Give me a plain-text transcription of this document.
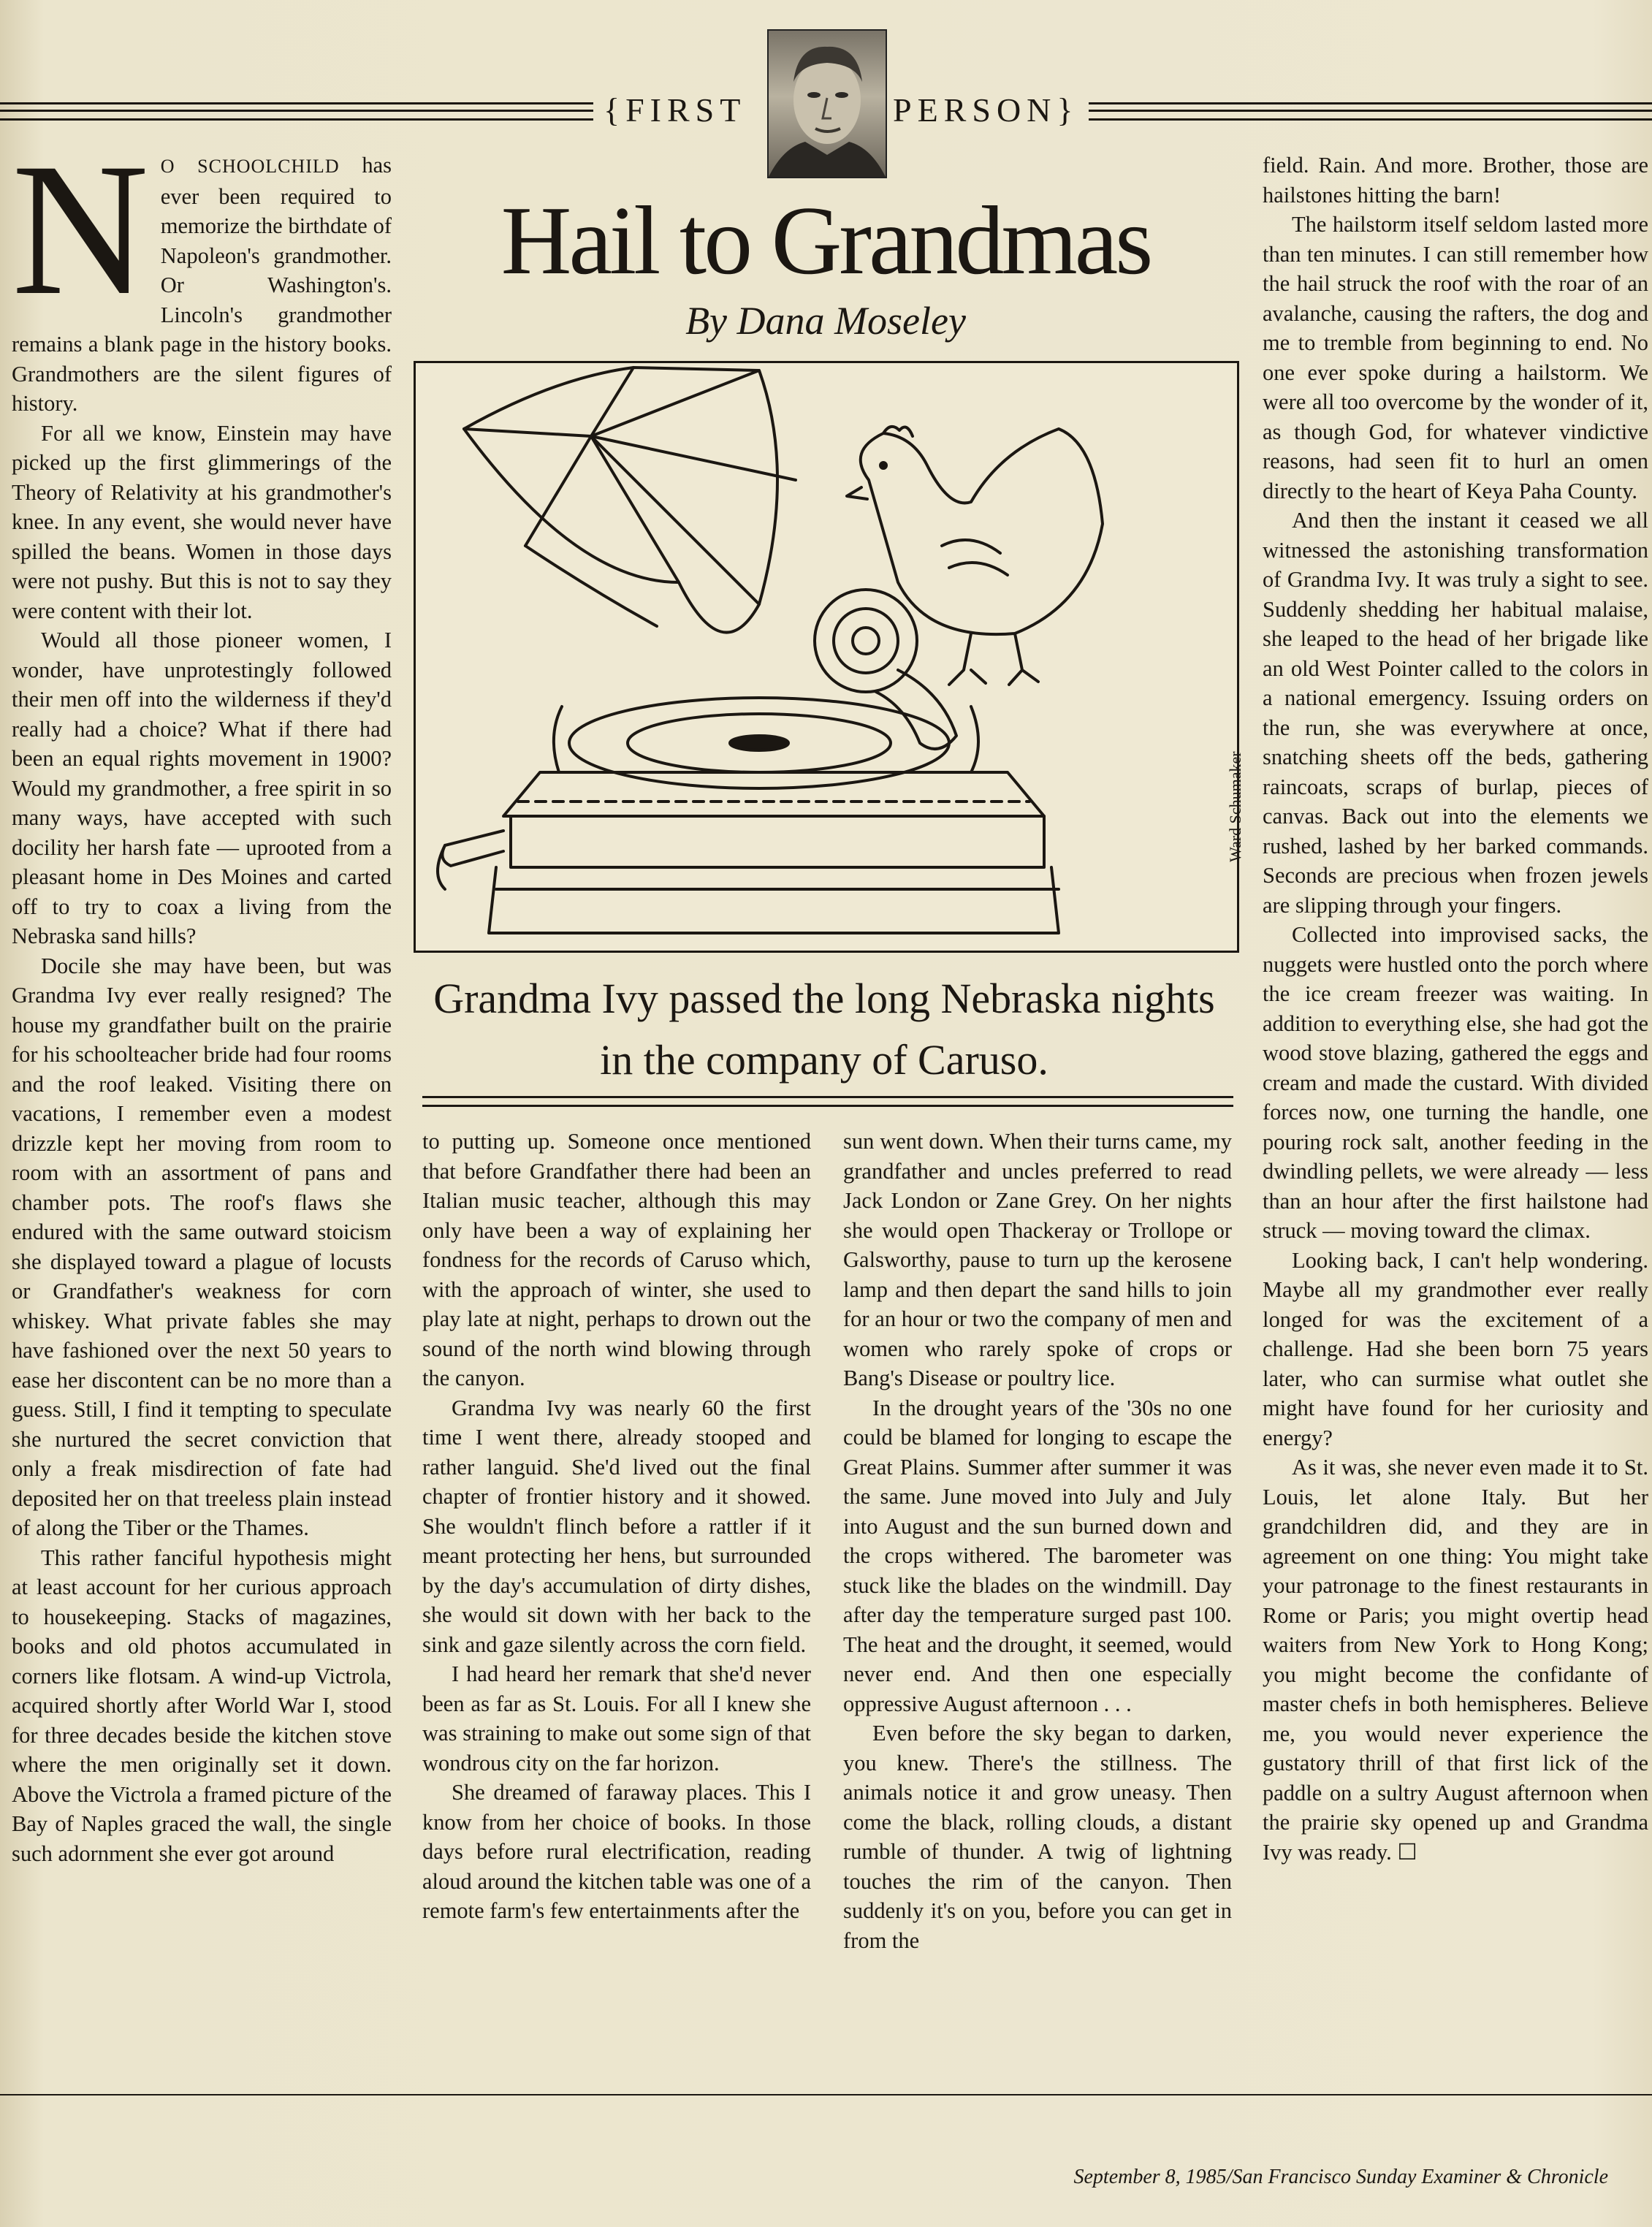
{FIRST	PERSON}
Hail to Grandmas
By Dana Moseley
Ward Schumaker
Grandma Ivy passed the long Nebraska nights in the company of Caruso.

N O SCHOOLCHILD has ever been required to memorize the birthdate of Napoleon's grandmother. Or Washington's. Lincoln's grandmother remains a blank page in the history books. Grandmothers are the silent figures of history.

For all we know, Einstein may have picked up the first glimmerings of the Theory of Relativity at his grandmother's knee. In any event, she would never have spilled the beans. Women in those days were not pushy. But this is not to say they were content with their lot.

Would all those pioneer women, I wonder, have unprotestingly followed their men off into the wilderness if they'd really had a choice? What if there had been an equal rights movement in 1900? Would my grandmother, a free spirit in so many ways, have accepted with such docility her harsh fate — uprooted from a pleasant home in Des Moines and carted off to try to coax a living from the Nebraska sand hills?

Docile she may have been, but was Grandma Ivy ever really resigned? The house my grandfather built on the prairie for his schoolteacher bride had four rooms and the roof leaked. Visiting there on vacations, I remember even a modest drizzle kept her moving from room to room with an assortment of pans and chamber pots. The roof's flaws she endured with the same outward stoicism she displayed toward a plague of locusts or Grandfather's weakness for corn whiskey. What private fables she may have fashioned over the next 50 years to ease her discontent can be no more than a guess. Still, I find it tempting to speculate she nurtured the secret conviction that only a freak misdirection of fate had deposited her on that treeless plain instead of along the Tiber or the Thames.

This rather fanciful hypothesis might at least account for her curious approach to housekeeping. Stacks of magazines, books and old photos accumulated in corners like flotsam. A wind-up Victrola, acquired shortly after World War I, stood for three decades beside the kitchen stove where the men originally set it down. Above the Victrola a framed picture of the Bay of Naples graced the wall, the single such adornment she ever got around

to putting up. Someone once mentioned that before Grandfather there had been an Italian music teacher, although this may only have been a way of explaining her fondness for the records of Caruso which, with the approach of winter, she used to play late at night, perhaps to drown out the sound of the north wind blowing through the canyon.

Grandma Ivy was nearly 60 the first time I went there, already stooped and rather languid. She'd lived out the final chapter of frontier history and it showed. She wouldn't flinch before a rattler if it meant protecting her hens, but surrounded by the day's accumulation of dirty dishes, she would sit down with her back to the sink and gaze silently across the corn field.

I had heard her remark that she'd never been as far as St. Louis. For all I knew she was straining to make out some sign of that wondrous city on the far horizon.

She dreamed of faraway places. This I know from her choice of books. In those days before rural electrification, reading aloud around the kitchen table was one of a remote farm's few entertainments after the

sun went down. When their turns came, my grandfather and uncles preferred to read Jack London or Zane Grey. On her nights she would open Thackeray or Trollope or Galsworthy, pause to turn up the kerosene lamp and then depart the sand hills to join for an hour or two the company of men and women who rarely spoke of crops or Bang's Disease or poultry lice.

In the drought years of the '30s no one could be blamed for longing to escape the Great Plains. Summer after summer it was the same. June moved into July and July into August and the sun burned down and the crops withered. The barometer was stuck like the blades on the windmill. Day after day the temperature surged past 100. The heat and the drought, it seemed, would never end. And then one especially oppressive August afternoon . . .

Even before the sky began to darken, you knew. There's the stillness. The animals notice it and grow uneasy. Then come the black, rolling clouds, a distant rumble of thunder. A twig of lightning touches the rim of the canyon. Then suddenly it's on you, before you can get in from the

field. Rain. And more. Brother, those are hailstones hitting the barn!

The hailstorm itself seldom lasted more than ten minutes. I can still remember how the hail struck the roof with the roar of an avalanche, causing the rafters, the dog and me to tremble from beginning to end. No one ever spoke during a hailstorm. We were all too overcome by the wonder of it, as though God, for whatever vindictive reasons, had seen fit to hurl an omen directly to the heart of Keya Paha County.

And then the instant it ceased we all witnessed the astonishing transformation of Grandma Ivy. It was truly a sight to see. Suddenly shedding her habitual malaise, she leaped to the head of her brigade like an old West Pointer called to the colors in a national emergency. Issuing orders on the run, she was everywhere at once, snatching sheets off the beds, gathering raincoats, scraps of burlap, pieces of canvas. Back out into the elements we rushed, lashed by her barked commands. Seconds are precious when frozen jewels are slipping through your fingers.

Collected into improvised sacks, the nuggets were hustled onto the porch where the ice cream freezer was waiting. In addition to everything else, she had got the wood stove blazing, gathered the eggs and cream and made the custard. With divided forces now, one turning the handle, one pouring rock salt, another feeding in the dwindling pellets, we were already — less than an hour after the first hailstone had struck — moving toward the climax.

Looking back, I can't help wondering. Maybe all my grandmother ever really longed for was the excitement of a challenge. Had she been born 75 years later, who can surmise what outlet she might have found for her curiosity and energy?

As it was, she never even made it to St. Louis, let alone Italy. But her grandchildren did, and they are in agreement on one thing: You might take your patronage to the finest restaurants in Rome or Paris; you might overtip head waiters from New York to Hong Kong; you might become the confidante of master chefs in both hemispheres. Believe me, you would never experience the gustatory thrill of that first lick of the paddle on a sultry August afternoon when the prairie sky opened up and Grandma Ivy was ready. ☐

September 8, 1985/San Francisco Sunday Examiner & Chronicle
